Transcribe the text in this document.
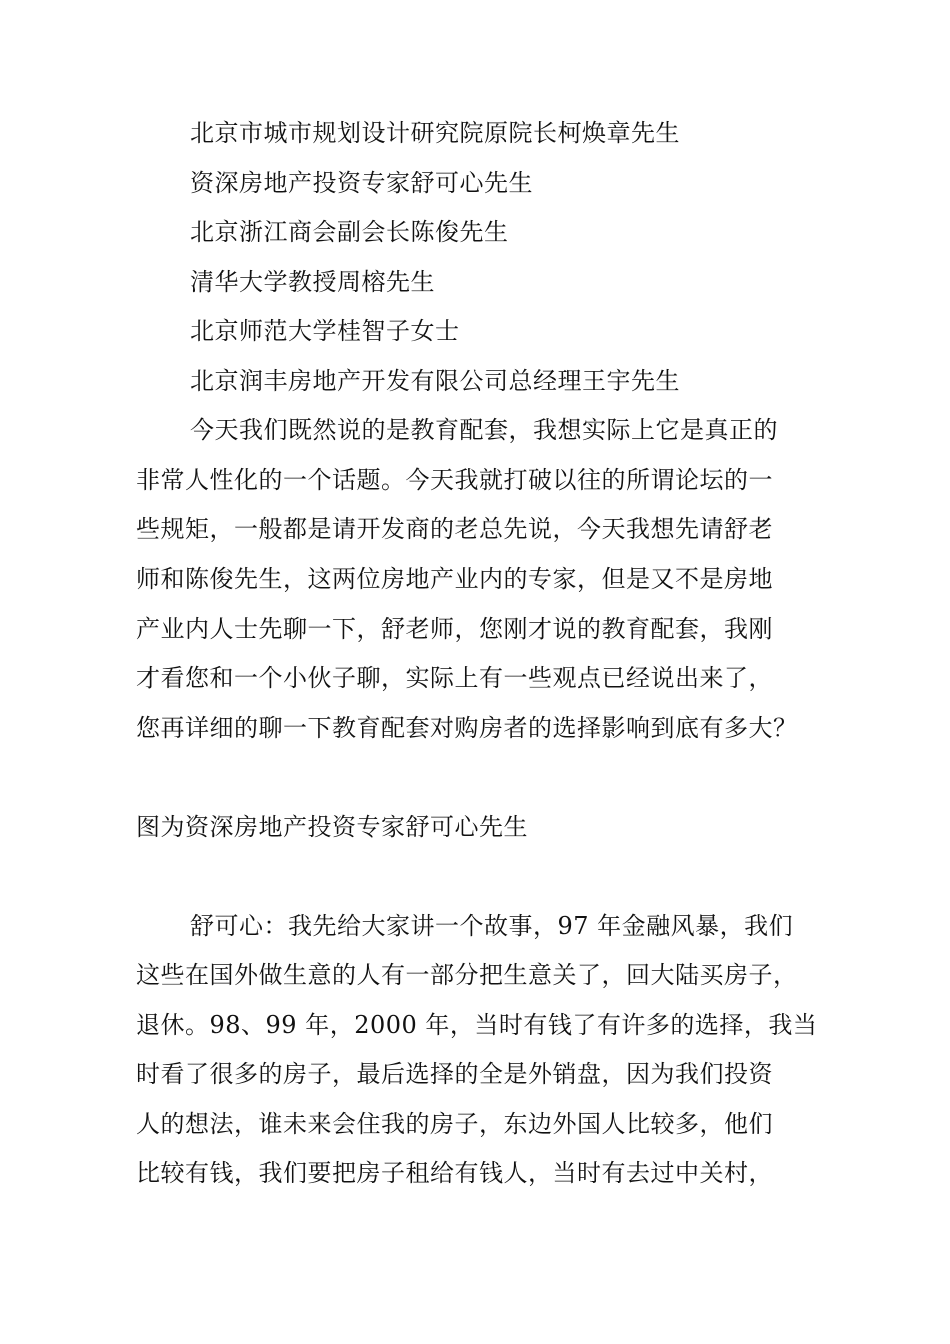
北京市城市规划设计研究院原院长柯焕章先生
资深房地产投资专家舒可心先生
北京浙江商会副会长陈俊先生
清华大学教授周榕先生
北京师范大学桂智子女士
北京润丰房地产开发有限公司总经理王宇先生
今天我们既然说的是教育配套，我想实际上它是真正的
非常人性化的一个话题。今天我就打破以往的所谓论坛的一
些规矩，一般都是请开发商的老总先说，今天我想先请舒老
师和陈俊先生，这两位房地产业内的专家，但是又不是房地
产业内人士先聊一下，舒老师，您刚才说的教育配套，我刚
才看您和一个小伙子聊，实际上有一些观点已经说出来了，
您再详细的聊一下教育配套对购房者的选择影响到底有多大？
图为资深房地产投资专家舒可心先生
舒可心：我先给大家讲一个故事，97 年金融风暴，我们
这些在国外做生意的人有一部分把生意关了，回大陆买房子，
退休。98、99 年，2000 年，当时有钱了有许多的选择，我当
时看了很多的房子，最后选择的全是外销盘，因为我们投资
人的想法，谁未来会住我的房子，东边外国人比较多，他们
比较有钱，我们要把房子租给有钱人，当时有去过中关村，
